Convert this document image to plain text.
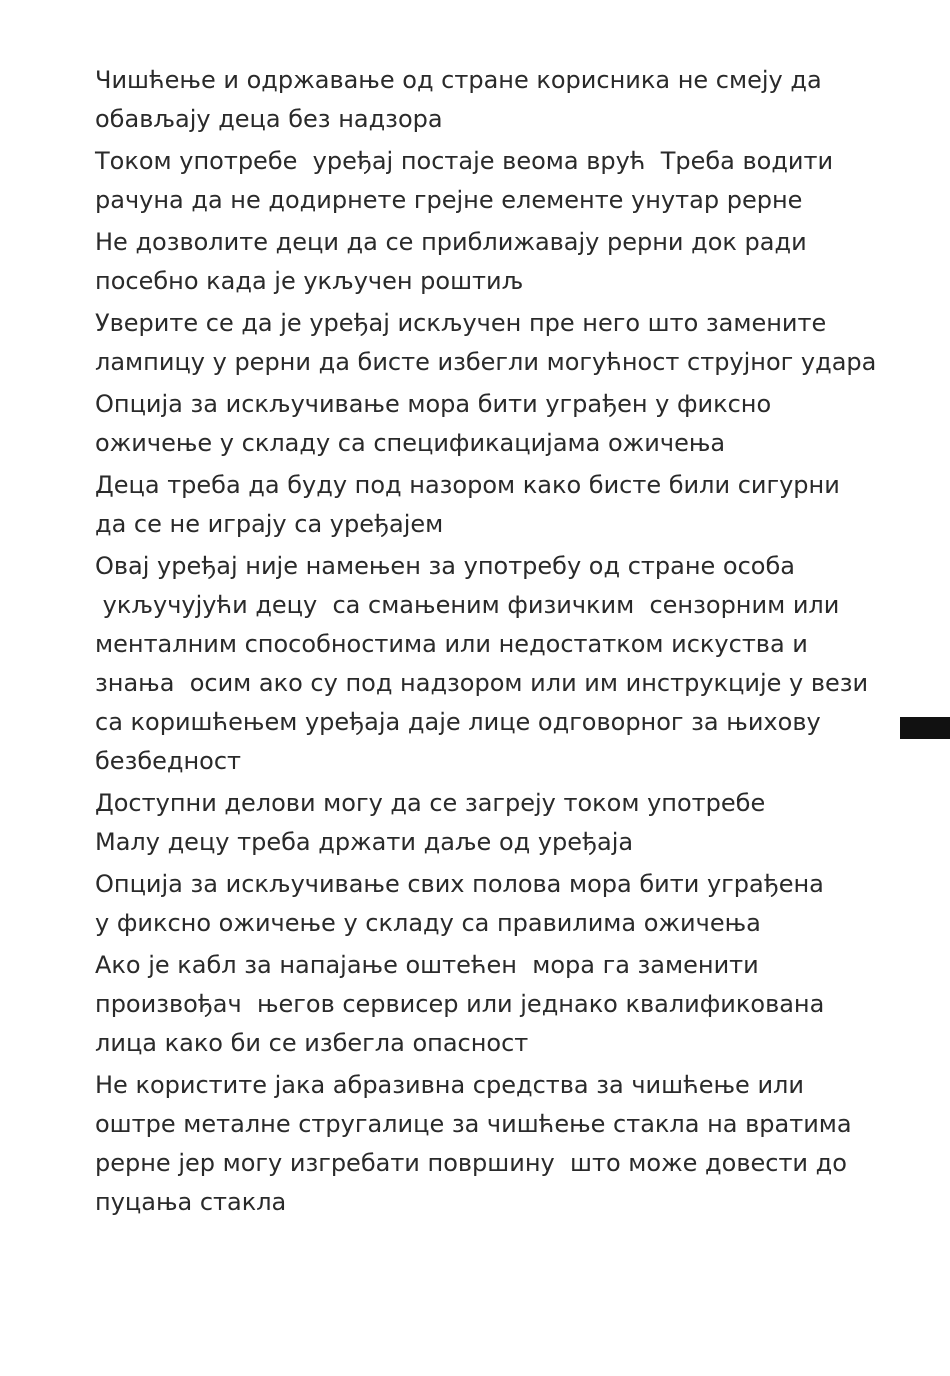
Чишћење и одржавање од стране корисника не смеју да
обављају деца без надзора
Током употребе  уређај постаје веома врућ  Треба водити
рачуна да не додирнете грејне елементе унутар рерне
Не дозволите деци да се приближавају рерни док ради
посебно када је укључен роштиљ
Уверите се да је уређај искључен пре него што замените
лампицу у рерни да бисте избегли могућност струјног удара
Опција за искључивање мора бити уграђен у фиксно
ожичење у складу са спецификацијама ожичења
Деца треба да буду под назором како бисте били сигурни
да се не играју са уређајем
Овај уређај није намењен за употребу од стране особа
укључујући децу  са смањеним физичким  сензорним или
менталним способностима или недостатком искуства и
знања  осим ако су под надзором или им инструкције у вези
са коришћењем уређаја даје лице одговорног за њихову
безбедност
Доступни делови могу да се загреју током употребе
Малу децу треба држати даље од уређаја
Опција за искључивање свих полова мора бити уграђена
у фиксно ожичење у складу са правилима ожичења
Ако је кабл за напајање оштећен  мора га заменити
произвођач  његов сервисер или једнако квалификована
лица како би се избегла опасност
Не користите јака абразивна средства за чишћење или
оштре металне стругалице за чишћење стакла на вратима
рерне јер могу изгребати површину  што може довести до
пуцања стакла
